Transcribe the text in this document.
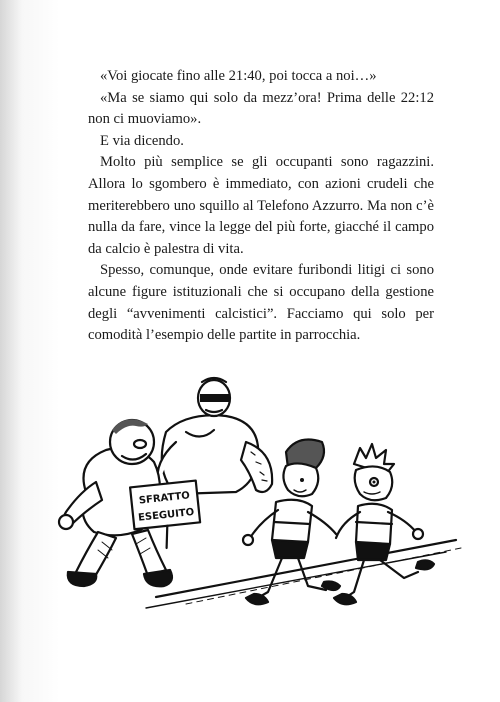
«Voi giocate fino alle 21:40, poi tocca a noi…»

«Ma se siamo qui solo da mezz’ora! Prima delle 22:12 non ci muoviamo».

E via dicendo.

Molto più semplice se gli occupanti sono ragazzini. Allora lo sgombero è immediato, con azioni crudeli che meriterebbero uno squillo al Telefono Azzurro. Ma non c’è nulla da fare, vince la legge del più forte, giacché il campo da calcio è palestra di vita.

Spesso, comunque, onde evitare furibondi litigi ci sono alcune figure istituzionali che si occupano della gestione degli “avvenimenti calcistici”. Facciamo qui solo per comodità l’esempio delle partite in parrocchia.

SFRATTO
ESEGUITO
